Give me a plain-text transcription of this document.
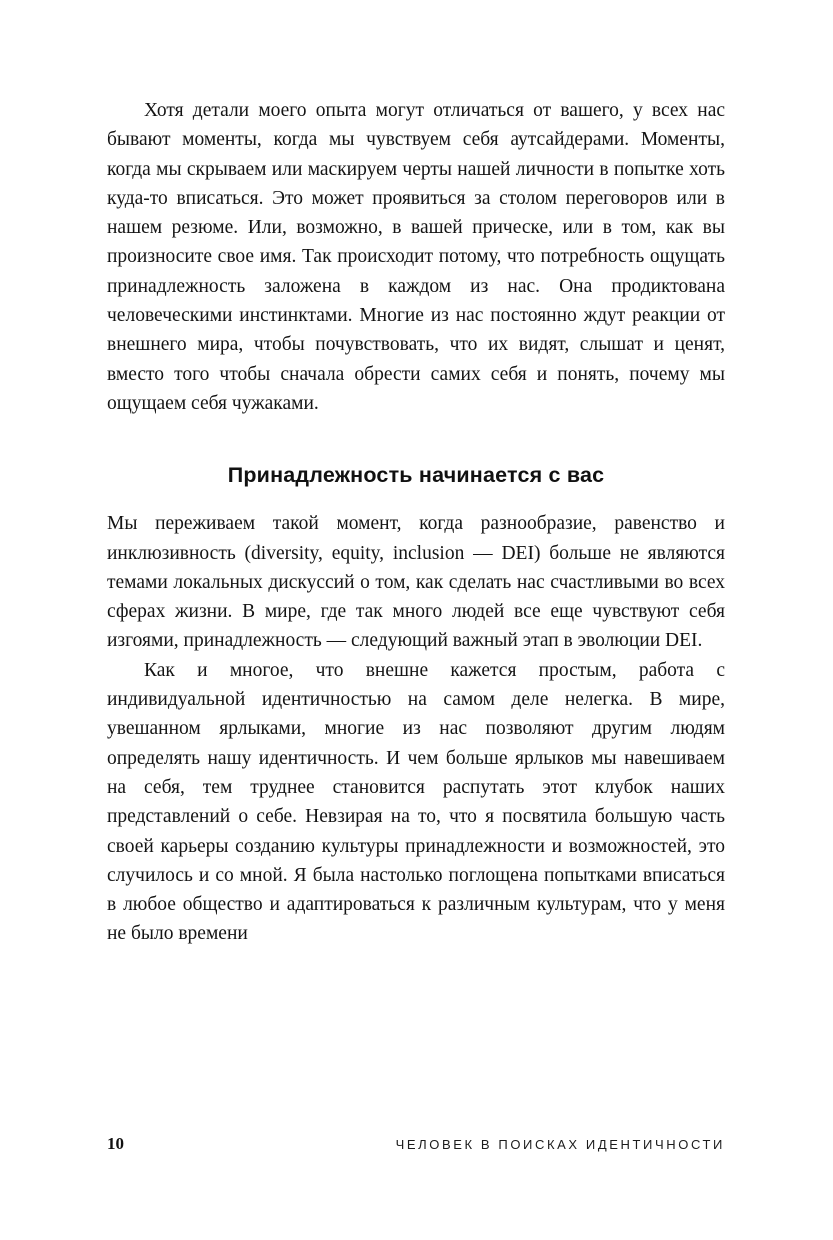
Хотя детали моего опыта могут отличаться от вашего, у всех нас бывают моменты, когда мы чувствуем себя аутсайдерами. Моменты, когда мы скрываем или маскируем черты нашей личности в попытке хоть куда-то вписаться. Это может проявиться за столом переговоров или в нашем резюме. Или, возможно, в вашей прическе, или в том, как вы произносите свое имя. Так происходит потому, что потребность ощущать принадлежность заложена в каждом из нас. Она продиктована человеческими инстинктами. Многие из нас постоянно ждут реакции от внешнего мира, чтобы почувствовать, что их видят, слышат и ценят, вместо того чтобы сначала обрести самих себя и понять, почему мы ощущаем себя чужаками.

Принадлежность начинается с вас

Мы переживаем такой момент, когда разнообразие, равенство и инклюзивность (diversity, equity, inclusion — DEI) больше не являются темами локальных дискуссий о том, как сделать нас счастливыми во всех сферах жизни. В мире, где так много людей все еще чувствуют себя изгоями, принадлежность — следующий важный этап в эволюции DEI.

Как и многое, что внешне кажется простым, работа с индивидуальной идентичностью на самом деле нелегка. В мире, увешанном ярлыками, многие из нас позволяют другим людям определять нашу идентичность. И чем больше ярлыков мы навешиваем на себя, тем труднее становится распутать этот клубок наших представлений о себе. Невзирая на то, что я посвятила большую часть своей карьеры созданию культуры принадлежности и возможностей, это случилось и со мной. Я была настолько поглощена попытками вписаться в любое общество и адаптироваться к различным культурам, что у меня не было времени

10	ЧЕЛОВЕК В ПОИСКАХ ИДЕНТИЧНОСТИ
